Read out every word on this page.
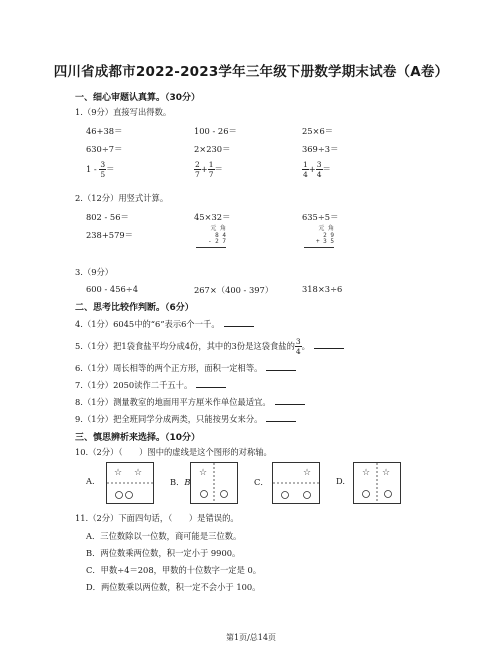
四川省成都市2022-2023学年三年级下册数学期末试卷（A卷）
一、细心审题认真算。（30分）
1.（9分）直接写出得数。
46+38＝	100 - 26＝	25×6＝
630÷7＝	2×230＝	369÷3＝
$1 - \frac{3}{5}$ ＝	$\frac{2}{7} + \frac{1}{7}$ ＝	$\frac{1}{4} + \frac{3}{4}$ ＝
2.（12分）用竖式计算。
802 - 56＝	45×32＝	635÷5＝
238+579＝
元 角
8 4
- 2 7
元 角
2 9
+ 3 5
3.（9分）
600 - 456÷4	267×（400 - 397）	318×3÷6
二、思考比较作判断。（6分）
4.（1分）6045中的“6”表示6个一千。
5.（1分）把1袋食盐平均分成4份，其中的3份是这袋食盐的 $\frac{3}{4}$ 。
6.（1分）周长相等的两个正方形，面积一定相等。
7.（1分）2050读作二千五十。
8.（1分）测量教室的地面用平方厘米作单位最适宜。
9.（1分）把全班同学分成两类，只能按男女来分。
三、慎思辨析来选择。（10分）
10.（2分）（　　）图中的虚线是这个图形的对称轴。
A.
☆ ☆
B．B
☆
C．
☆
D.
☆ ☆
11.（2分）下面四句话，（　　）是错误的。
A．三位数除以一位数，商可能是三位数。
B．两位数乘两位数，积一定小于 9900。
C．甲数÷4＝208，甲数的十位数字一定是 0。
D．两位数乘以两位数，积一定不会小于 100。
第1页/总14页
